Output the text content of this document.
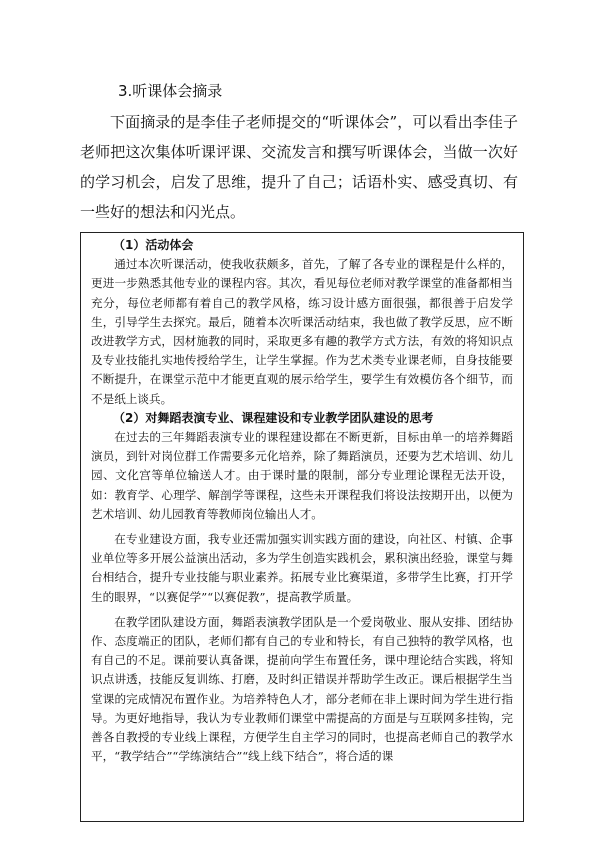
3.听课体会摘录

下面摘录的是李佳子老师提交的“听课体会”，可以看出李佳子老师把这次集体听课评课、交流发言和撰写听课体会，当做一次好的学习机会，启发了思维，提升了自己；话语朴实、感受真切、有一些好的想法和闪光点。

（1）活动体会

通过本次听课活动，使我收获颇多，首先，了解了各专业的课程是什么样的，更进一步熟悉其他专业的课程内容。其次，看见每位老师对教学课堂的准备都相当充分，每位老师都有着自己的教学风格，练习设计感方面很强，都很善于启发学生，引导学生去探究。最后，随着本次听课活动结束，我也做了教学反思，应不断改进教学方式，因材施教的同时，采取更多有趣的教学方式方法，有效的将知识点及专业技能扎实地传授给学生，让学生掌握。作为艺术类专业课老师，自身技能要不断提升，在课堂示范中才能更直观的展示给学生，要学生有效模仿各个细节，而不是纸上谈兵。

（2）对舞蹈表演专业、课程建设和专业教学团队建设的思考

在过去的三年舞蹈表演专业的课程建设都在不断更新，目标由单一的培养舞蹈演员，到针对岗位群工作需要多元化培养，除了舞蹈演员，还要为艺术培训、幼儿园、文化宫等单位输送人才。由于课时量的限制，部分专业理论课程无法开设，如：教育学、心理学、解剖学等课程，这些未开课程我们将设法按期开出，以便为艺术培训、幼儿园教育等教师岗位输出人才。

在专业建设方面，我专业还需加强实训实践方面的建设，向社区、村镇、企事业单位等多开展公益演出活动，多为学生创造实践机会，累积演出经验，课堂与舞台相结合，提升专业技能与职业素养。拓展专业比赛渠道，多带学生比赛，打开学生的眼界，“以赛促学”“以赛促教”，提高教学质量。

在教学团队建设方面，舞蹈表演教学团队是一个爱岗敬业、服从安排、团结协作、态度端正的团队，老师们都有自己的专业和特长，有自己独特的教学风格，也有自己的不足。课前要认真备课，提前向学生布置任务，课中理论结合实践，将知识点讲透，技能反复训练、打磨，及时纠正错误并帮助学生改正。课后根据学生当堂课的完成情况布置作业。为培养特色人才，部分老师在非上课时间为学生进行指导。为更好地指导，我认为专业教师们课堂中需提高的方面是与互联网多挂钩，完善各自教授的专业线上课程，方便学生自主学习的同时，也提高老师自己的教学水平，“教学结合”“学练演结合”“线上线下结合”，将合适的课
